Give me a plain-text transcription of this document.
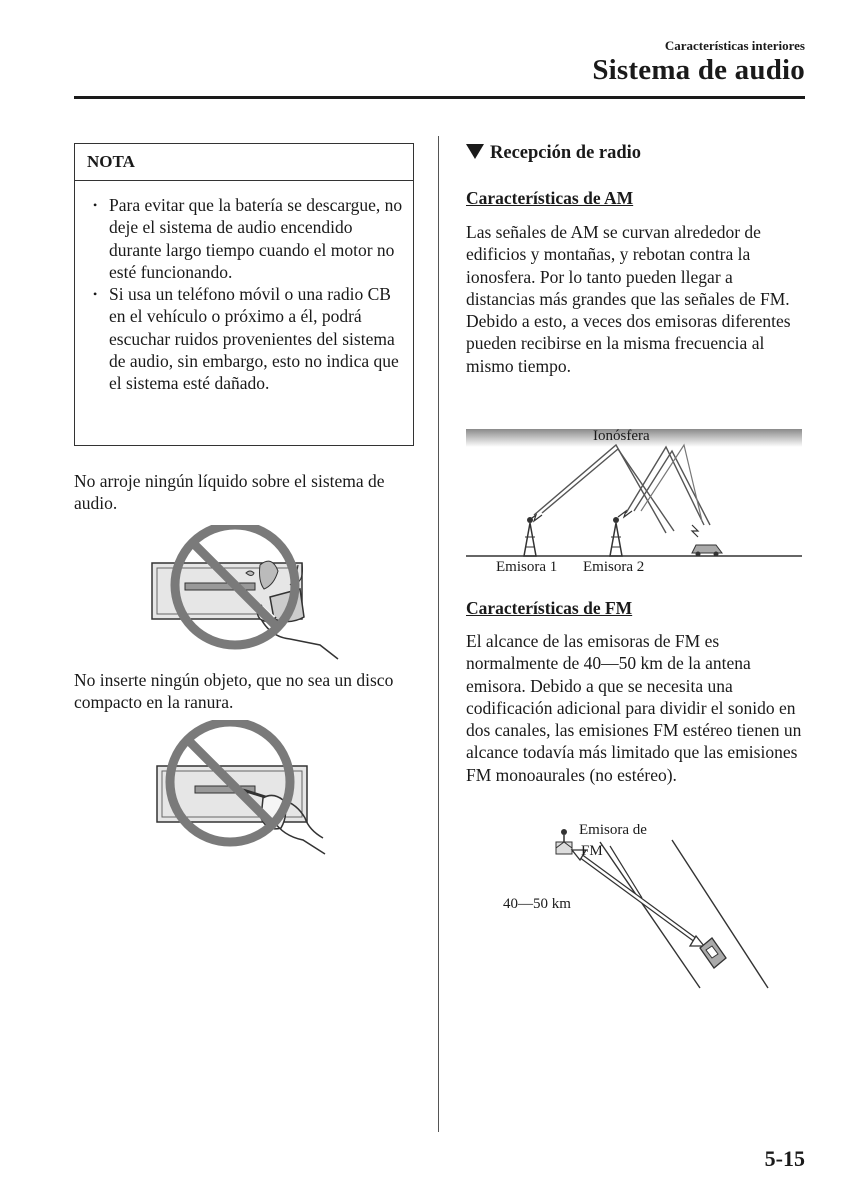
Características interiores
Sistema de audio
NOTA
• Para evitar que la batería se descargue, no deje el sistema de audio encendido durante largo tiempo cuando el motor no esté funcionando.
• Si usa un teléfono móvil o una radio CB en el vehículo o próximo a él, podrá escuchar ruidos provenientes del sistema de audio, sin embargo, esto no indica que el sistema esté dañado.

No arroje ningún líquido sobre el sistema de audio.

No inserte ningún objeto, que no sea un disco compacto en la ranura.

Recepción de radio
Características de AM

Las señales de AM se curvan alrededor de edificios y montañas, y rebotan contra la ionosfera. Por lo tanto pueden llegar a distancias más grandes que las señales de FM. Debido a esto, a veces dos emisoras diferentes pueden recibirse en la misma frecuencia al mismo tiempo.

Ionósfera
Emisora 1 Emisora 2
Características de FM

El alcance de las emisoras de FM es normalmente de 40—50 km de la antena emisora. Debido a que se necesita una codificación adicional para dividir el sonido en dos canales, las emisiones FM estéreo tienen un alcance todavía más limitado que las emisiones FM monoaurales (no estéreo).

Emisora de
FM
40—50 km
5-15
